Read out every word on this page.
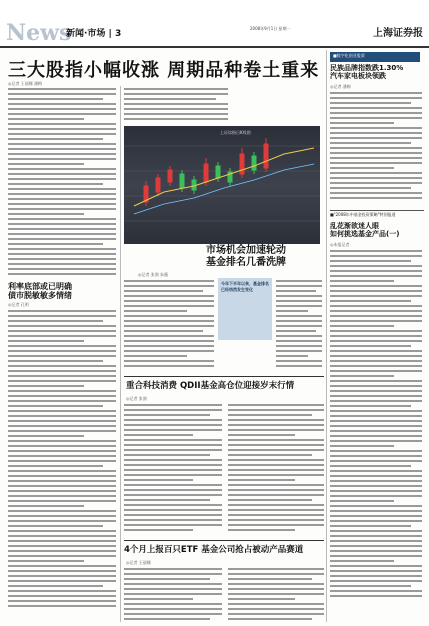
News
新闻·市场 | 3
2008年9月1日 星期一	上海证券报
三大股指小幅收涨 周期品种卷土重来
◎记者 王丽娜 潘梅
上证综指日K线图
■数字化创业股票
民族品牌指数跌1.30%
汽车家电板块领跌
◎记者 潘梅
市场机会加速轮动
基金排名几番洗牌
◎记者 张润 朱薇
今年下半年以来，基金排名已经悄然发生变化
■"2008年中基金投资策略"特别报道
乱花渐欲迷人眼
如何挑选基金产品(一)
◎本报记者
利率底部或已明确
债市脱敏敏多情绪
◎记者 孔明
重合科技消费 QDII基金高仓位迎接岁末行情
◎记者 张润
4个月上报百只ETF 基金公司抢占被动产品赛道
◎记者 王丽娜
